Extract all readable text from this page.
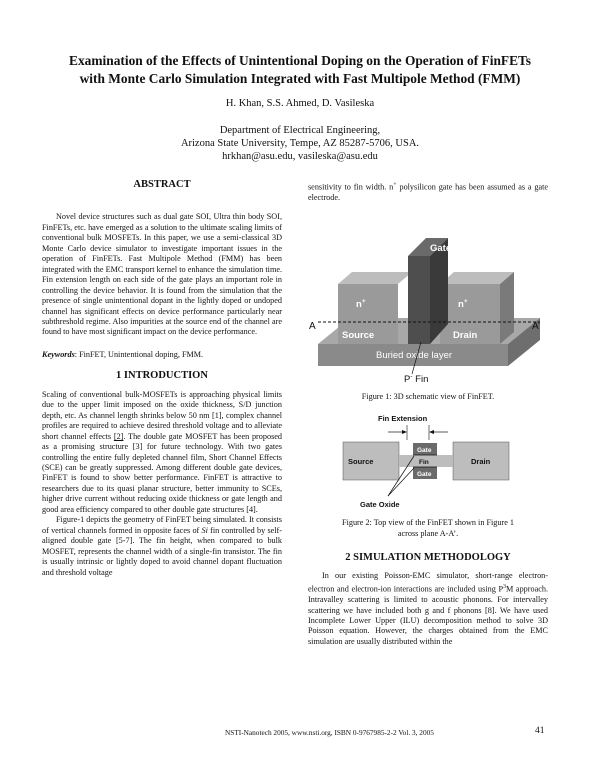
Examination of the Effects of Unintentional Doping on the Operation of FinFETs
with Monte Carlo Simulation Integrated with Fast Multipole Method (FMM)
H. Khan, S.S. Ahmed, D. Vasileska
Department of Electrical Engineering,
Arizona State University, Tempe, AZ 85287-5706, USA.
hrkhan@asu.edu, vasileska@asu.edu

ABSTRACT

Novel device structures such as dual gate SOI, Ultra thin body SOI, FinFETs, etc. have emerged as a solution to the ultimate scaling limits of conventional bulk MOSFETs. In this paper, we use a semi-classical 3D Monte Carlo device simulator to investigate important issues in the operation of FinFETs. Fast Multipole Method (FMM) has been integrated with the EMC transport kernel to enhance the simulation time. Fin extension length on each side of the gate plays an important role in controlling the device behavior. It is found from the simulation that the presence of single unintentional dopant in the lightly doped or undoped channel has significant effects on device performance particularly near subthreshold regime. Also impurities at the source end of the channel are found to have most significant impact on the device performance.

Keywords: FinFET, Unintentional doping, FMM.

1 INTRODUCTION

Scaling of conventional bulk-MOSFETs is approaching physical limits due to the upper limit imposed on the oxide thickness, S/D junction depth, etc. As channel length shrinks below 50 nm [1], complex channel profiles are required to achieve desired threshold voltage and to alleviate short channel effects [2]. The double gate MOSFET has been proposed as a promising structure [3] for future technology. With two gates controlling the entire fully depleted channel film, Short Channel Effects (SCE) can be greatly suppressed. Among different double gate devices, FinFET is found to show better performance. FinFET is attractive to researchers due to its quasi planar structure, better immunity to SCEs, higher drive current without reducing oxide thickness or gate length and good area efficiency compared to other double gate structures [4].

Figure-1 depicts the geometry of FinFET being simulated. It consists of vertical channels formed in opposite faces of Si fin controlled by self-aligned double gate [5-7]. The fin height, when compared to bulk MOSFET, represents the channel width of a single-fin transistor. The fin is usually intrinsic or lightly doped to avoid channel dopant fluctuation and threshold voltage

sensitivity to fin width. n+ polysilicon gate has been assumed as a gate electrode.

Gate
n+	n+
Source	Drain
A	A’
Buried oxide layer
P- Fin

Figure 1: 3D schematic view of FinFET.

Fin Extension
Gate
Fin
Gate
Source	Drain
Gate Oxide

Figure 2: Top view of the FinFET shown in Figure 1
across plane A-A’.

2 SIMULATION METHODOLOGY

In our existing Poisson-EMC simulator, short-range electron-electron and electron-ion interactions are included using $P^3M$ approach. Intravalley scattering is limited to acoustic phonons. For intervalley scattering we have included both g and f phonons [8]. We have used Incomplete Lower Upper (ILU) decomposition method to solve 3D Poisson equation. However, the charges obtained from the EMC simulation are usually distributed within the

NSTI-Nanotech 2005, www.nsti.org, ISBN 0-9767985-2-2 Vol. 3, 2005	41
